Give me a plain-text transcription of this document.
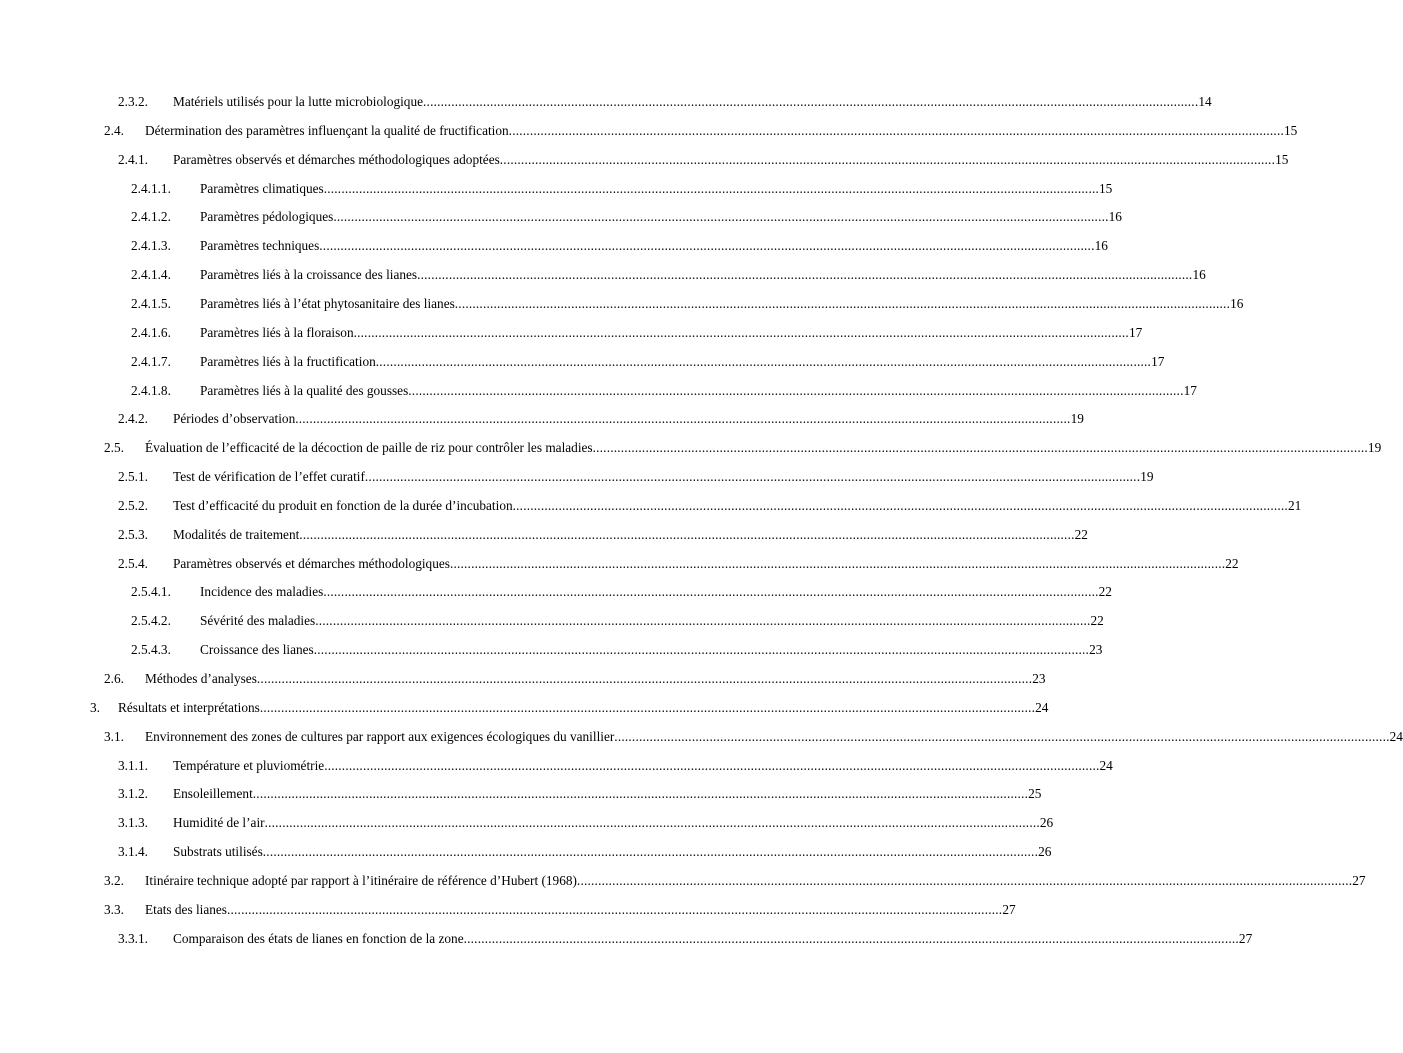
2.3.2. Matériels utilisés pour la lutte microbiologique ............................................................................................................................................................................................................................ 14
2.4. Détermination des paramètres influençant la qualité de fructification ............................................................................................................................................................................................................................ 15
2.4.1. Paramètres observés et démarches méthodologiques adoptées ............................................................................................................................................................................................................................ 15
2.4.1.1. Paramètres climatiques ............................................................................................................................................................................................................................ 15
2.4.1.2. Paramètres pédologiques ............................................................................................................................................................................................................................ 16
2.4.1.3. Paramètres techniques ............................................................................................................................................................................................................................ 16
2.4.1.4. Paramètres liés à la croissance des lianes ............................................................................................................................................................................................................................ 16
2.4.1.5. Paramètres liés à l’état phytosanitaire des lianes ............................................................................................................................................................................................................................ 16
2.4.1.6. Paramètres liés à la floraison ............................................................................................................................................................................................................................ 17
2.4.1.7. Paramètres liés à la fructification ............................................................................................................................................................................................................................ 17
2.4.1.8. Paramètres liés à la qualité des gousses ............................................................................................................................................................................................................................ 17
2.4.2. Périodes d’observation ............................................................................................................................................................................................................................ 19
2.5. Évaluation de l’efficacité de la décoction de paille de riz pour contrôler les maladies ............................................................................................................................................................................................................................ 19
2.5.1. Test de vérification de l’effet curatif ............................................................................................................................................................................................................................ 19
2.5.2. Test d’efficacité du produit en fonction de la durée d’incubation ............................................................................................................................................................................................................................ 21
2.5.3. Modalités de traitement ............................................................................................................................................................................................................................ 22
2.5.4. Paramètres observés et démarches méthodologiques ............................................................................................................................................................................................................................ 22
2.5.4.1. Incidence des maladies ............................................................................................................................................................................................................................ 22
2.5.4.2. Sévérité des maladies ............................................................................................................................................................................................................................ 22
2.5.4.3. Croissance des lianes ............................................................................................................................................................................................................................ 23
2.6. Méthodes d’analyses ............................................................................................................................................................................................................................ 23
3. Résultats et interprétations ............................................................................................................................................................................................................................ 24
3.1. Environnement des zones de cultures par rapport aux exigences écologiques du vanillier ............................................................................................................................................................................................................................ 24
3.1.1. Température et pluviométrie ............................................................................................................................................................................................................................ 24
3.1.2. Ensoleillement ............................................................................................................................................................................................................................ 25
3.1.3. Humidité de l’air ............................................................................................................................................................................................................................ 26
3.1.4. Substrats utilisés ............................................................................................................................................................................................................................ 26
3.2. Itinéraire technique adopté par rapport à l’itinéraire de référence d’Hubert (1968) ............................................................................................................................................................................................................................ 27
3.3. Etats des lianes ............................................................................................................................................................................................................................ 27
3.3.1. Comparaison des états de lianes en fonction de la zone ............................................................................................................................................................................................................................ 27
